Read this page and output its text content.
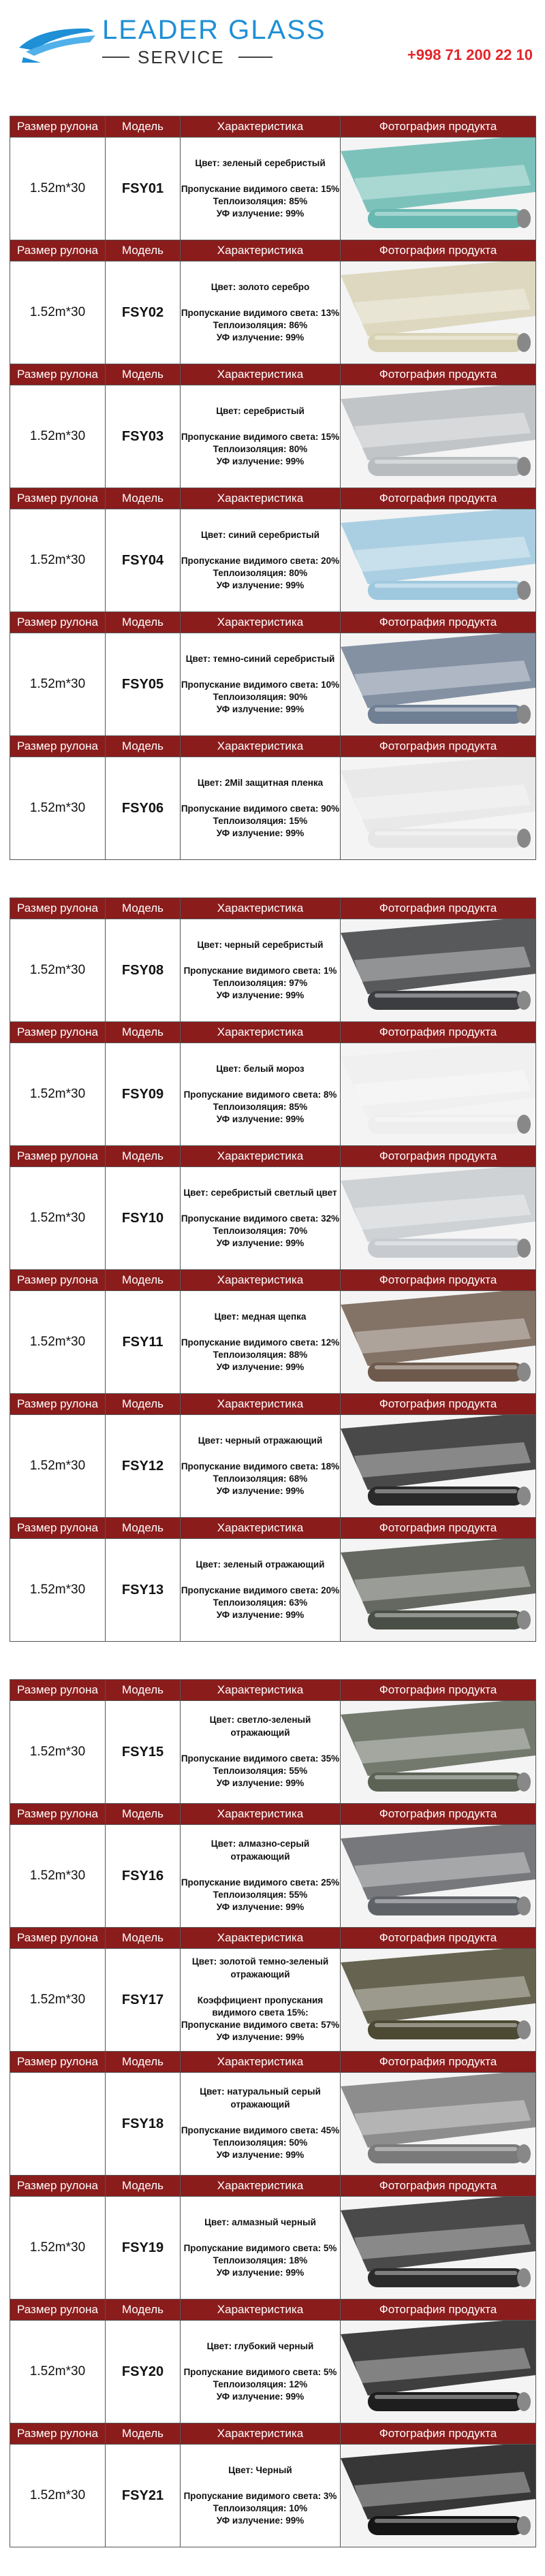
LEADER GLASS
SERVICE	+998 71 200 22 10
Размер рулона	Модель	Характеристика	Фотография продукта
1.52m*30	FSY01	Цвет: зеленый серебристый
Пропускание видимого света: 15%
Теплоизоляция: 85%
УФ излучение: 99%

Размер рулона	Модель	Характеристика	Фотография продукта
1.52m*30	FSY02	Цвет: золото серебро
Пропускание видимого света: 13%
Теплоизоляция: 86%
УФ излучение: 99%

Размер рулона	Модель	Характеристика	Фотография продукта
1.52m*30	FSY03	Цвет: серебристый
Пропускание видимого света: 15%
Теплоизоляция: 80%
УФ излучение: 99%

Размер рулона	Модель	Характеристика	Фотография продукта
1.52m*30	FSY04	Цвет: синий серебристый
Пропускание видимого света: 20%
Теплоизоляция: 80%
УФ излучение: 99%

Размер рулона	Модель	Характеристика	Фотография продукта
1.52m*30	FSY05	Цвет: темно-синий серебристый
Пропускание видимого света: 10%
Теплоизоляция: 90%
УФ излучение: 99%

Размер рулона	Модель	Характеристика	Фотография продукта
1.52m*30	FSY06	Цвет: 2Mil защитная пленка
Пропускание видимого света: 90%
Теплоизоляция: 15%
УФ излучение: 99%

Размер рулона	Модель	Характеристика	Фотография продукта
1.52m*30	FSY08	Цвет: черный серебристый
Пропускание видимого света: 1%
Теплоизоляция: 97%
УФ излучение: 99%

Размер рулона	Модель	Характеристика	Фотография продукта
1.52m*30	FSY09	Цвет: белый мороз
Пропускание видимого света: 8%
Теплоизоляция: 85%
УФ излучение: 99%

Размер рулона	Модель	Характеристика	Фотография продукта
1.52m*30	FSY10	Цвет: серебристый светлый цвет
Пропускание видимого света: 32%
Теплоизоляция: 70%
УФ излучение: 99%

Размер рулона	Модель	Характеристика	Фотография продукта
1.52m*30	FSY11	Цвет: медная щепка
Пропускание видимого света: 12%
Теплоизоляция: 88%
УФ излучение: 99%

Размер рулона	Модель	Характеристика	Фотография продукта
1.52m*30	FSY12	Цвет: черный отражающий
Пропускание видимого света: 18%
Теплоизоляция: 68%
УФ излучение: 99%

Размер рулона	Модель	Характеристика	Фотография продукта
1.52m*30	FSY13	Цвет: зеленый отражающий
Пропускание видимого света: 20%
Теплоизоляция: 63%
УФ излучение: 99%

Размер рулона	Модель	Характеристика	Фотография продукта
1.52m*30	FSY15	Цвет: светло-зеленый отражающий
Пропускание видимого света: 35%
Теплоизоляция: 55%
УФ излучение: 99%

Размер рулона	Модель	Характеристика	Фотография продукта
1.52m*30	FSY16	Цвет: алмазно-серый отражающий
Пропускание видимого света: 25%
Теплоизоляция: 55%
УФ излучение: 99%

Размер рулона	Модель	Характеристика	Фотография продукта
1.52m*30	FSY17	Цвет: золотой темно-зеленый отражающий
Коэффициент пропускания видимого света 15%:
Пропускание видимого света: 57%
УФ излучение: 99%

Размер рулона	Модель	Характеристика	Фотография продукта
	FSY18	Цвет: натуральный серый отражающий
Пропускание видимого света: 45%
Теплоизоляция: 50%
УФ излучение: 99%

Размер рулона	Модель	Характеристика	Фотография продукта
1.52m*30	FSY19	Цвет: алмазный черный
Пропускание видимого света: 5%
Теплоизоляция: 18%
УФ излучение: 99%

Размер рулона	Модель	Характеристика	Фотография продукта
1.52m*30	FSY20	Цвет: глубокий черный
Пропускание видимого света: 5%
Теплоизоляция: 12%
УФ излучение: 99%

Размер рулона	Модель	Характеристика	Фотография продукта
1.52m*30	FSY21	Цвет: Черный
Пропускание видимого света: 3%
Теплоизоляция: 10%
УФ излучение: 99%
